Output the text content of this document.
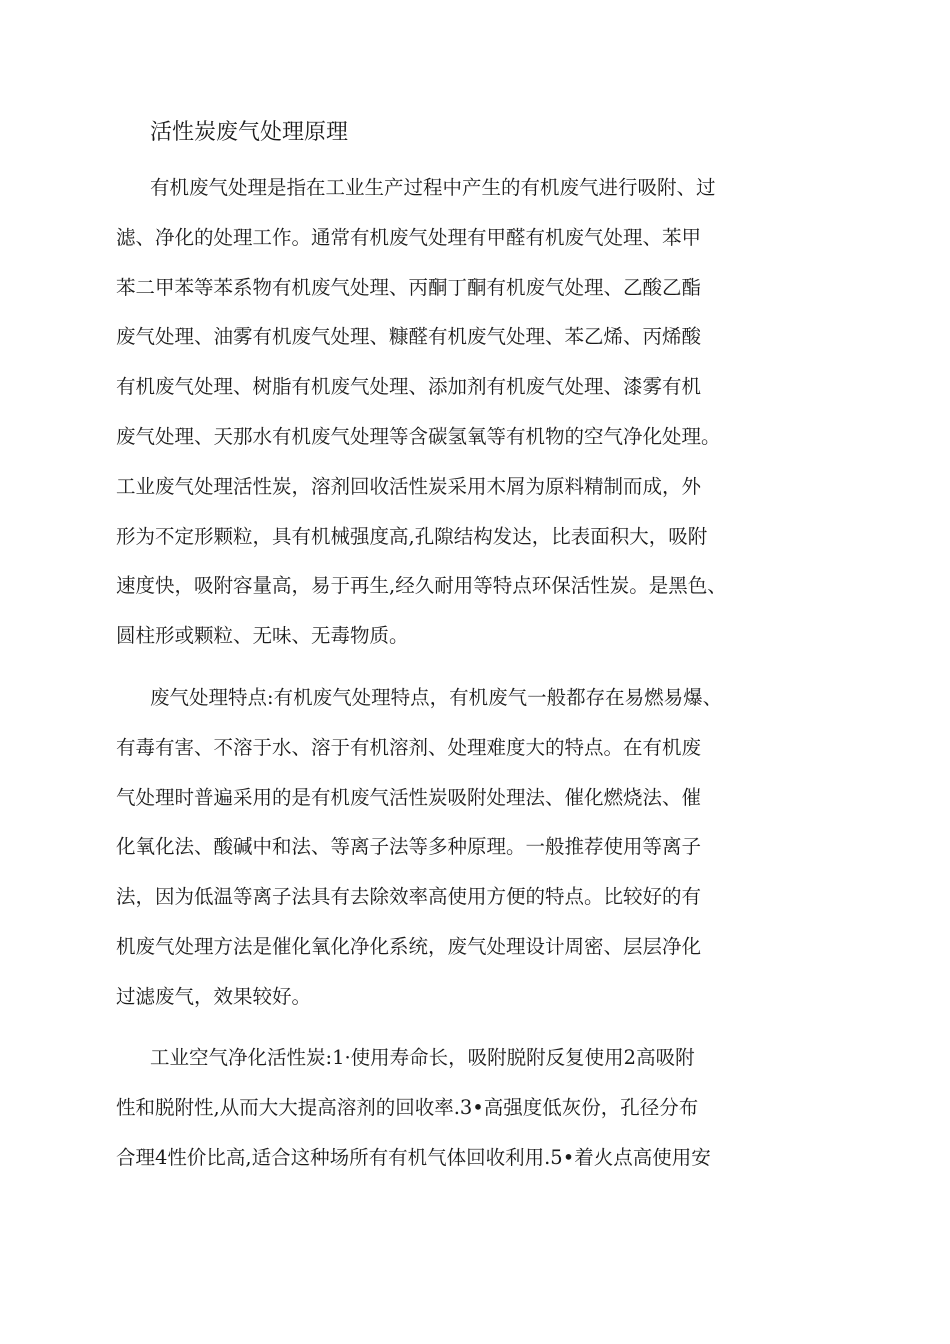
活性炭废气处理原理
有机废气处理是指在工业生产过程中产生的有机废气进行吸附、过
滤、净化的处理工作。通常有机废气处理有甲醛有机废气处理、苯甲
苯二甲苯等苯系物有机废气处理、丙酮丁酮有机废气处理、乙酸乙酯
废气处理、油雾有机废气处理、糠醛有机废气处理、苯乙烯、丙烯酸
有机废气处理、树脂有机废气处理、添加剂有机废气处理、漆雾有机
废气处理、天那水有机废气处理等含碳氢氧等有机物的空气净化处理。
工业废气处理活性炭，溶剂回收活性炭采用木屑为原料精制而成，外
形为不定形颗粒，具有机械强度高,孔隙结构发达，比表面积大，吸附
速度快，吸附容量高，易于再生,经久耐用等特点环保活性炭。是黑色、
圆柱形或颗粒、无味、无毒物质。
废气处理特点:有机废气处理特点，有机废气一般都存在易燃易爆、
有毒有害、不溶于水、溶于有机溶剂、处理难度大的特点。在有机废
气处理时普遍采用的是有机废气活性炭吸附处理法、催化燃烧法、催
化氧化法、酸碱中和法、等离子法等多种原理。一般推荐使用等离子
法，因为低温等离子法具有去除效率高使用方便的特点。比较好的有
机废气处理方法是催化氧化净化系统，废气处理设计周密、层层净化
过滤废气，效果较好。
工业空气净化活性炭:1·使用寿命长，吸附脱附反复使用2高吸附
性和脱附性,从而大大提高溶剂的回收率.3•高强度低灰份，孔径分布
合理4性价比高,适合这种场所有有机气体回收利用.5•着火点高使用安
